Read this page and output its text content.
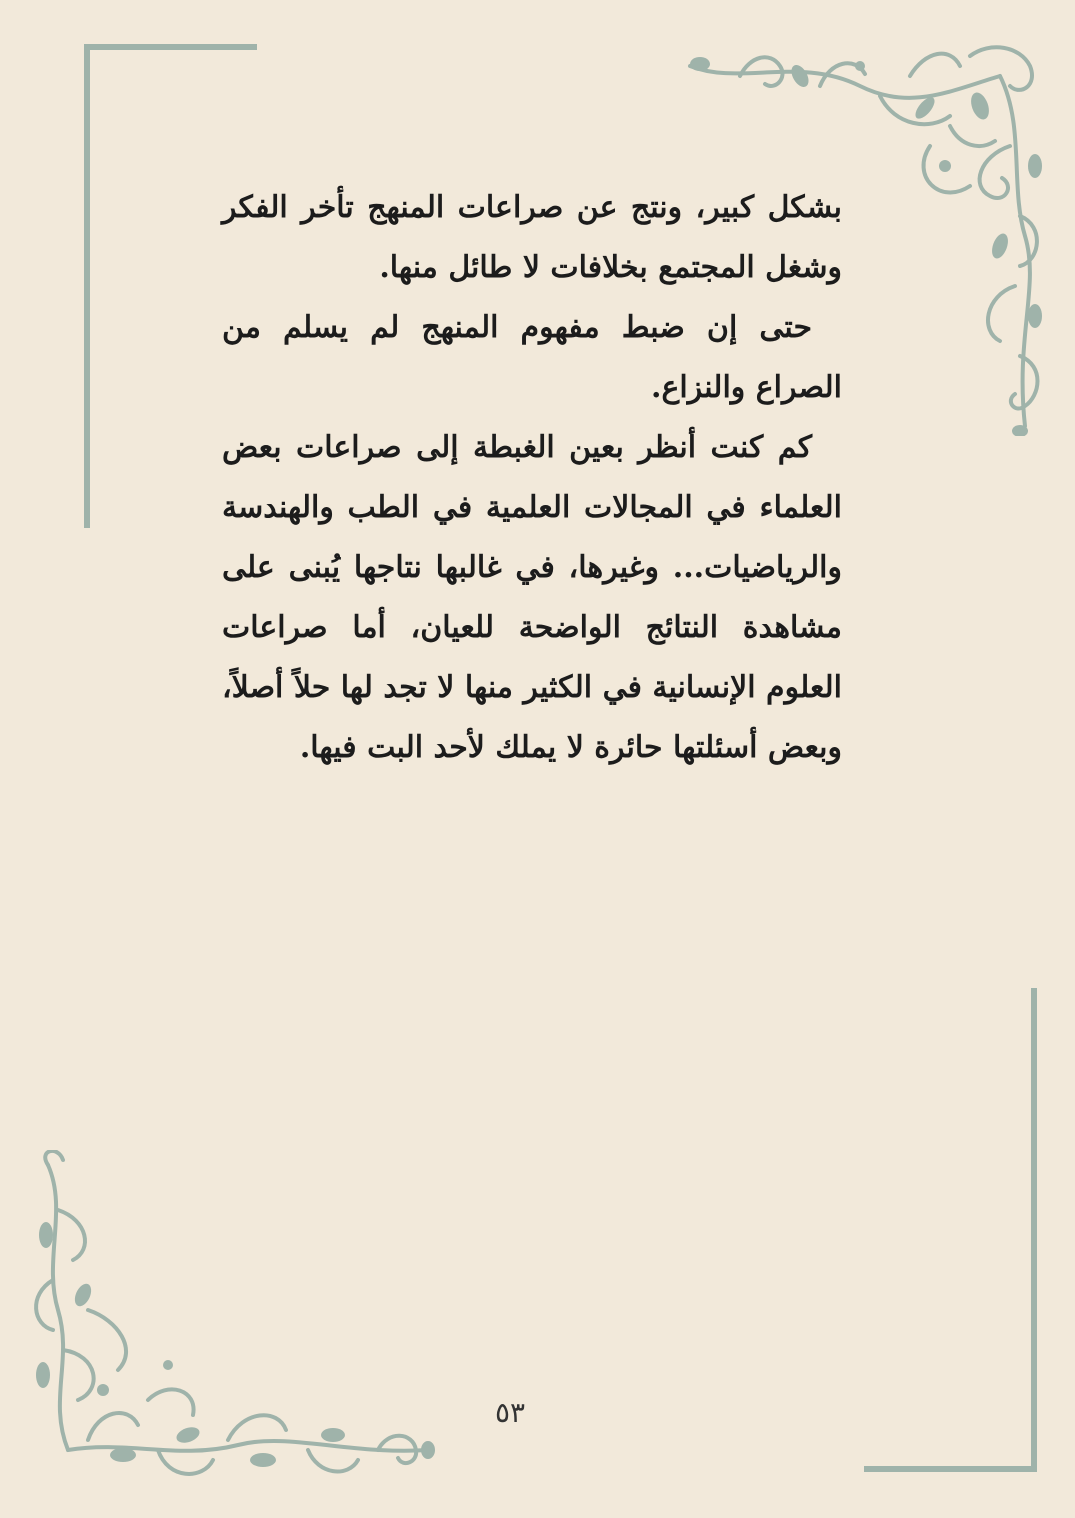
بشكل كبير، ونتج عن صراعات المنهج تأخر الفكر وشغل المجتمع بخلافات لا طائل منها.

حتى إن ضبط مفهوم المنهج لم يسلم من الصراع والنزاع.

كم كنت أنظر بعين الغبطة إلى صراعات بعض العلماء في المجالات العلمية في الطب والهندسة والرياضيات... وغيرها، في غالبها نتاجها يُبنى على مشاهدة النتائج الواضحة للعيان، أما صراعات العلوم الإنسانية في الكثير منها لا تجد لها حلاً أصلاً، وبعض أسئلتها حائرة لا يملك لأحد البت فيها.

٥٣
